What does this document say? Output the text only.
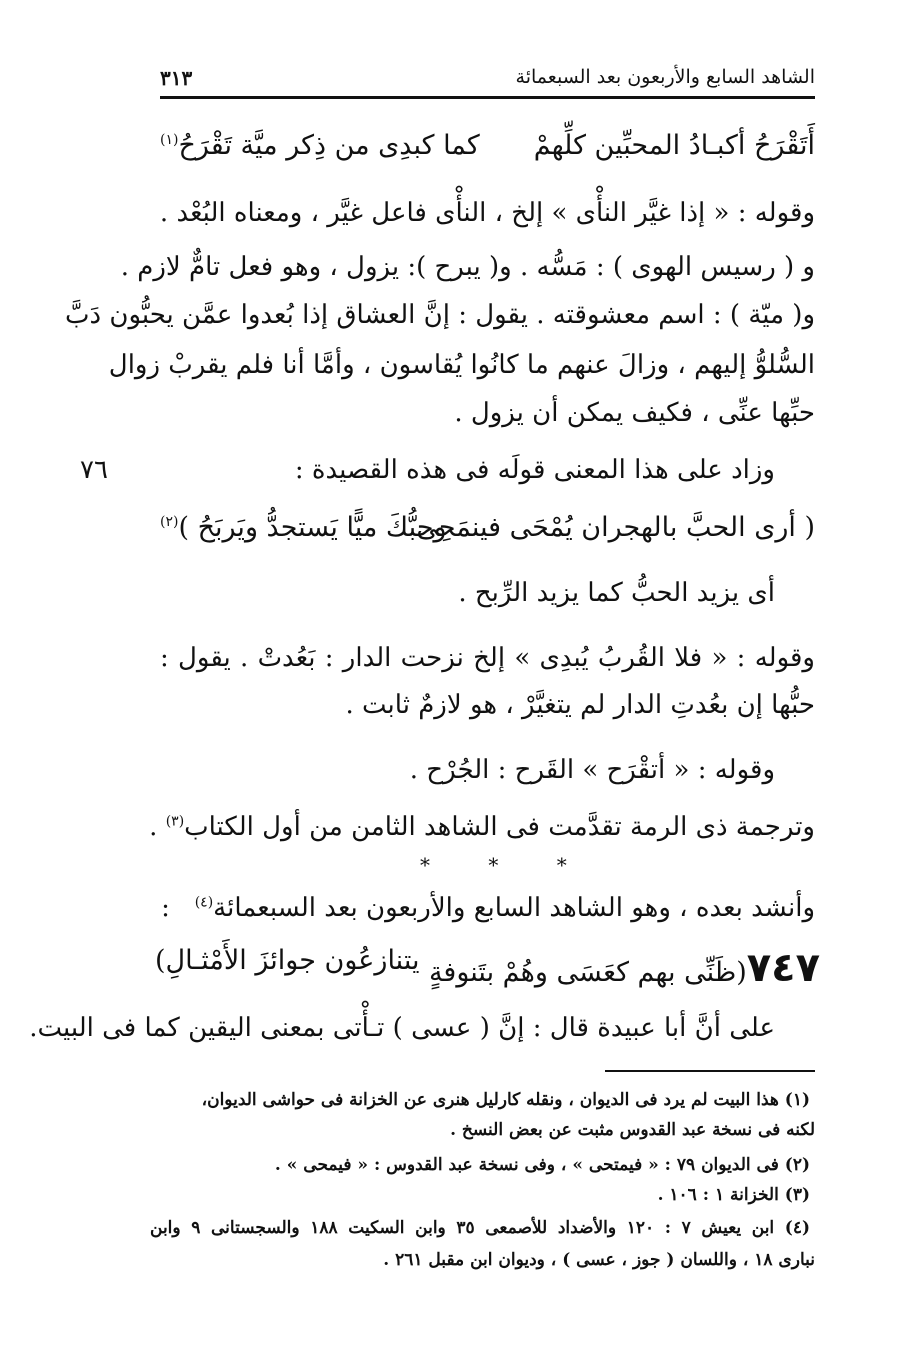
الشاهد السابع والأربعون بعد السبعمائة
٣١٣
أَتَقْرَحُ أكبـادُ المحبِّين كلِّهمْ
كما كبدِى من ذِكر ميَّة تَقْرَحُ$^{(١)}$
وقوله : « إذا غيَّر النأْى » إلخ ، النأْى فاعل غيَّر ، ومعناه البُعْد .
و ( رسيس الهوى ) : مَسُّه . و( يبرح ): يزول ، وهو فعل تامٌّ لازم .
و( ميّة ) : اسم معشوقته . يقول : إنَّ العشاق إذا بُعدوا عمَّن يحبُّون دَبَّ
السُّلوُّ إليهم ، وزالَ عنهم ما كانُوا يُقاسون ، وأمَّا أنا فلم يقربْ زوال
حبِّها عنِّى ، فكيف يمكن أن يزول .
٧٦	وزاد على هذا المعنى قولَه فى هذه القصيدة :
( أرى الحبَّ بالهجران يُمْحَى فينمَحِى
وحبُّكَ ميًّا يَستجدُّ ويَربَحُ )$^{(٢)}$
أى يزيد الحبُّ كما يزيد الرِّبح .
وقوله : « فلا القُربُ يُبدِى » إلخ نزحت الدار : بَعُدتْ . يقول :
حبُّها إن بعُدتِ الدار لم يتغيَّرْ ، هو لازمٌ ثابت .
وقوله : « أتقْرَح » القَرح : الجُرْح .
وترجمة ذى الرمة تقدَّمت فى الشاهد الثامن من أول الكتاب$^{(٣)}$ .
* * *
وأنشد بعده ، وهو الشاهد السابع والأربعون بعد السبعمائة$^{(٤)}$   :
٧٤٧(ظَنِّى بهم كعَسَى وهُمْ بتَنوفةٍ
يتنازعُون جوائزَ الأَمْثـالِ)
على أنَّ أبا عبيدة قال : إنَّ ( عسى ) تـأْتى بمعنى اليقين كما فى البيت.
(١) هذا البيت لم يرد فى الديوان ، ونقله كارليل هنرى عن الخزانة فى حواشى الديوان،
لكنه فى نسخة عبد القدوس مثبت عن بعض النسخ .
(٢) فى الديوان ٧٩ : « فيمتحى » ، وفى نسخة عبد القدوس : « فيمحى » .
(٣) الخزانة ١ : ١٠٦ .
(٤) ابن يعيش ٧ : ١٢٠ والأضداد للأصمعى ٣٥ وابن السكيت ١٨٨ والسجستانى ٩ وابن
نبارى ١٨ ، واللسان ( جوز ، عسى ) ، وديوان ابن مقبل ٢٦١ .
